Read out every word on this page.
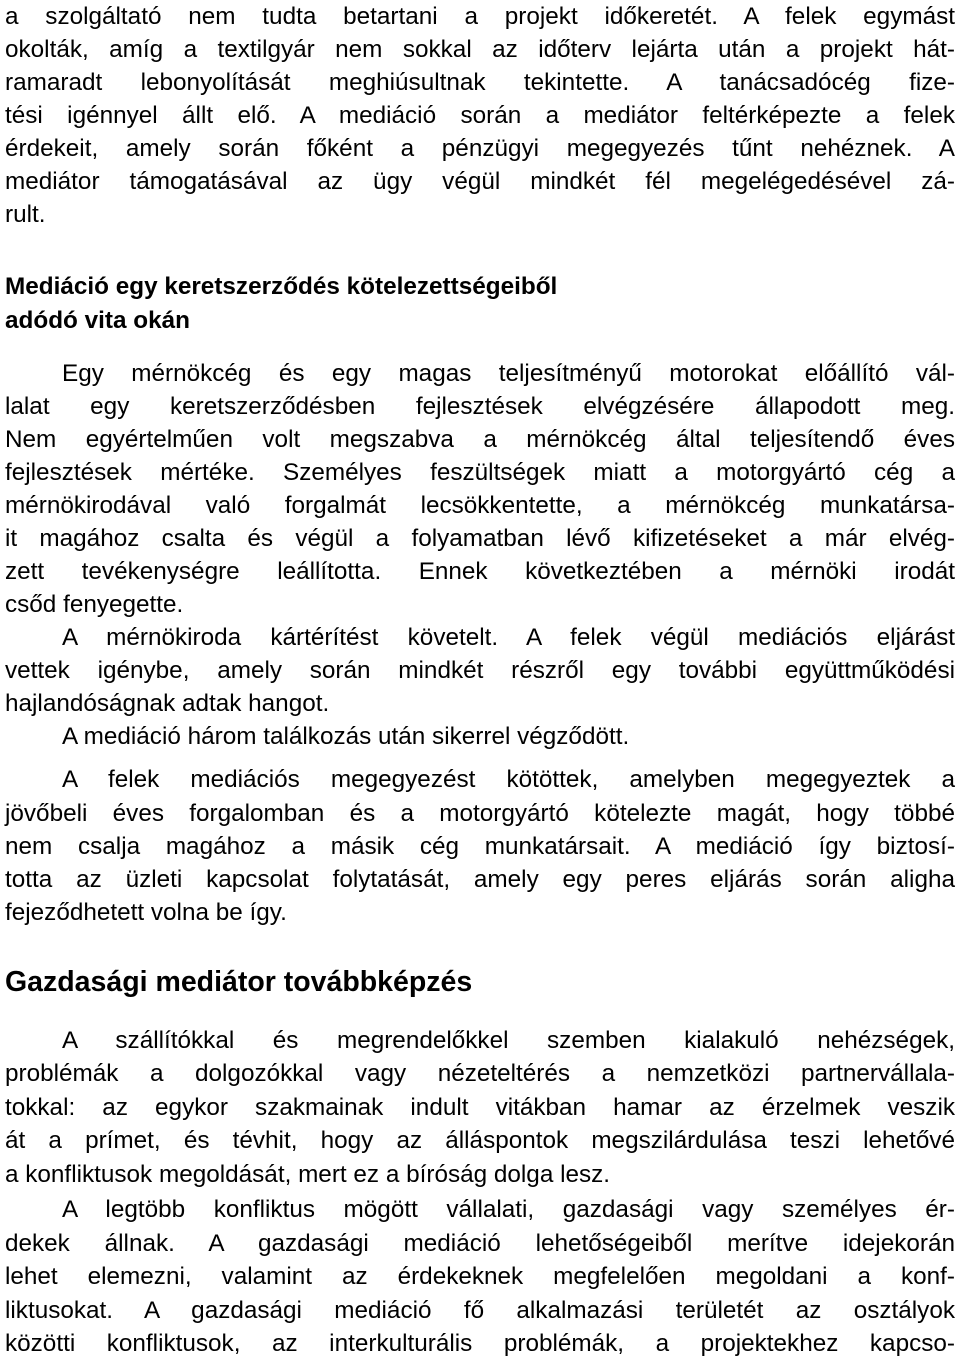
a szolgáltató nem tudta betartani a projekt időkeretét. A felek egymást
okolták, amíg a textilgyár nem sokkal az időterv lejárta után a projekt hát-
ramaradt lebonyolítását meghiúsultnak tekintette. A tanácsadócég fize-
tési igénnyel állt elő. A mediáció során a mediátor feltérképezte a felek
érdekeit, amely során főként a pénzügyi megegyezés tűnt nehéznek. A
mediátor támogatásával az ügy végül mindkét fél megelégedésével zá-
rult.
Mediáció egy keretszerződés kötelezettségeiből
adódó vita okán
Egy mérnökcég és egy magas teljesítményű motorokat előállító vál-
lalat egy keretszerződésben fejlesztések elvégzésére állapodott meg.
Nem egyértelműen volt megszabva a mérnökcég által teljesítendő éves
fejlesztések mértéke. Személyes feszültségek miatt a motorgyártó cég a
mérnökirodával való forgalmát lecsökkentette, a mérnökcég munkatársa-
it magához csalta és végül a folyamatban lévő kifizetéseket a már elvég-
zett tevékenységre leállította. Ennek következtében a mérnöki irodát
csőd fenyegette.
A mérnökiroda kártérítést követelt. A felek végül mediációs eljárást
vettek igénybe, amely során mindkét részről egy további együttműködési
hajlandóságnak adtak hangot.
A mediáció három találkozás után sikerrel végződött.
A felek mediációs megegyezést kötöttek, amelyben megegyeztek a
jövőbeli éves forgalomban és a motorgyártó kötelezte magát, hogy többé
nem csalja magához a másik cég munkatársait. A mediáció így biztosí-
totta az üzleti kapcsolat folytatását, amely egy peres eljárás során aligha
fejeződhetett volna be így.
Gazdasági mediátor továbbképzés
A szállítókkal és megrendelőkkel szemben kialakuló nehézségek,
problémák a dolgozókkal vagy nézeteltérés a nemzetközi partnervállala-
tokkal: az egykor szakmainak indult vitákban hamar az érzelmek veszik
át a prímet, és tévhit, hogy az álláspontok megszilárdulása teszi lehetővé
a konfliktusok megoldását, mert ez a bíróság dolga lesz.
A legtöbb konfliktus mögött vállalati, gazdasági vagy személyes ér-
dekek állnak. A gazdasági mediáció lehetőségeiből merítve idejekorán
lehet elemezni, valamint az érdekeknek megfelelően megoldani a konf-
liktusokat. A gazdasági mediáció fő alkalmazási területét az osztályok
közötti konfliktusok, az interkulturális problémák, a projektekhez kapcso-
